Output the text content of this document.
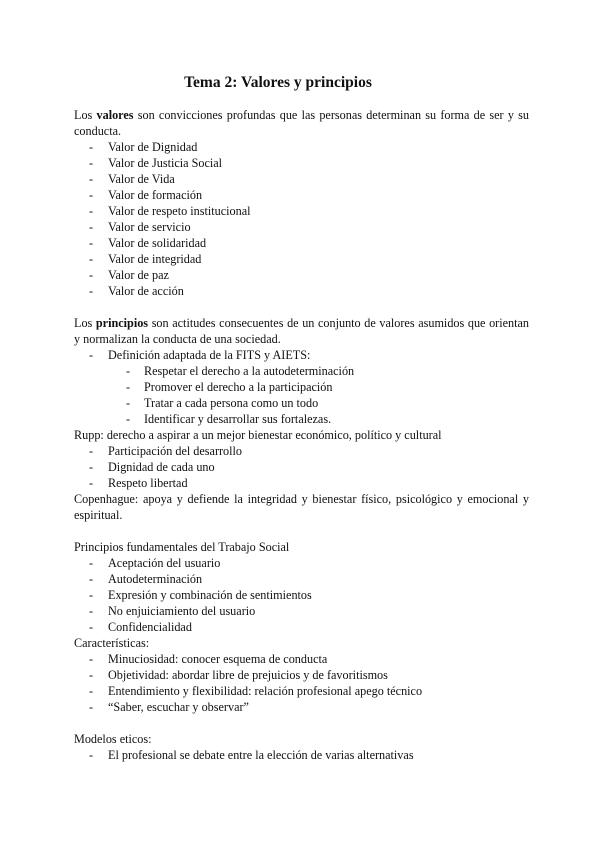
Tema 2: Valores y principios
Los valores son convicciones profundas que las personas determinan su forma de ser y su conducta.
-	Valor de Dignidad
-	Valor de Justicia Social
-	Valor de Vida
-	Valor de formación
-	Valor de respeto institucional
-	Valor de servicio
-	Valor de solidaridad
-	Valor de integridad
-	Valor de paz
-	Valor de acción
Los principios son actitudes consecuentes de un conjunto de valores asumidos que orientan y normalizan la conducta de una sociedad.
-	Definición adaptada de la FITS y AIETS:
-	Respetar el derecho a la autodeterminación
-	Promover el derecho a la participación
-	Tratar a cada persona como un todo
-	Identificar y desarrollar sus fortalezas.
Rupp: derecho a aspirar a un mejor bienestar económico, político y cultural
-	Participación del desarrollo
-	Dignidad de cada uno
-	Respeto libertad
Copenhague: apoya y defiende la integridad y bienestar físico, psicológico y emocional y espiritual.
Principios fundamentales del Trabajo Social
-	Aceptación del usuario
-	Autodeterminación
-	Expresión y combinación de sentimientos
-	No enjuiciamiento del usuario
-	Confidencialidad
Características:
-	Minuciosidad: conocer esquema de conducta
-	Objetividad: abordar libre de prejuicios y de favoritismos
-	Entendimiento y flexibilidad: relación profesional apego técnico
-	“Saber, escuchar y observar”
Modelos eticos:
-	El profesional se debate entre la elección de varias alternativas
